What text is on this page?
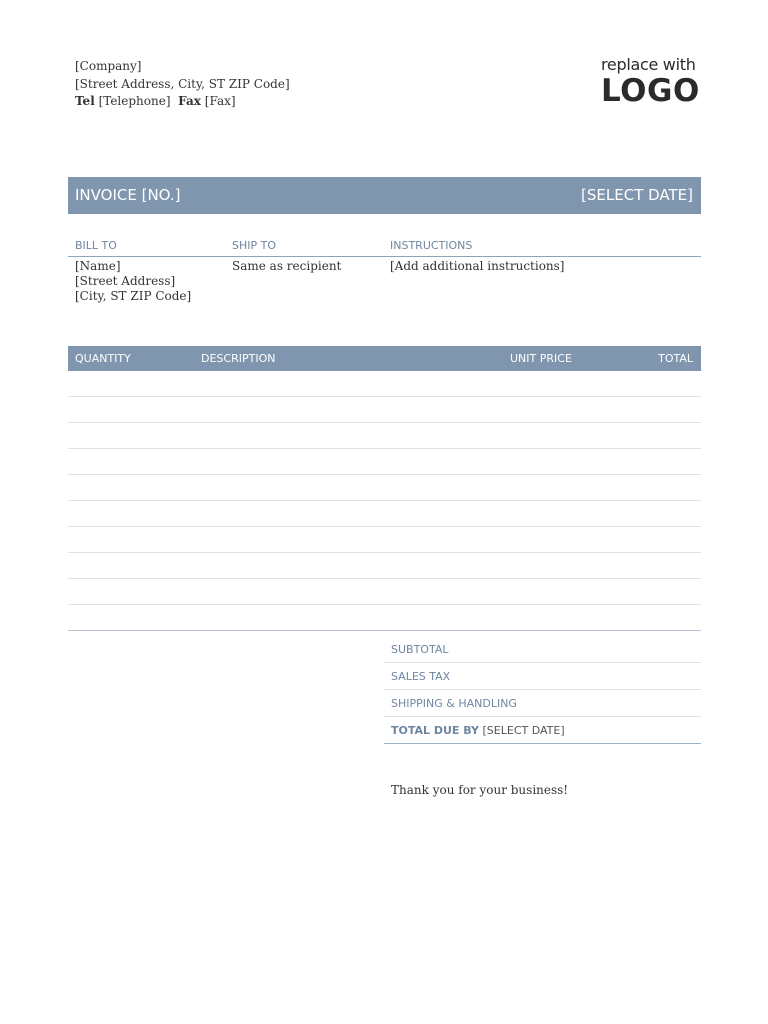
[Company]
[Street Address, City, ST ZIP Code]
Tel [Telephone] Fax [Fax]
replace with
LOGO
INVOICE [NO.]	[SELECT DATE]
BILL TO	SHIP TO	INSTRUCTIONS
[Name]
[Street Address]
[City, ST ZIP Code]
Same as recipient	[Add additional instructions]
QUANTITY	DESCRIPTION	UNIT PRICE	TOTAL
SUBTOTAL
SALES TAX
SHIPPING & HANDLING
TOTAL DUE BY [SELECT DATE]
Thank you for your business!
